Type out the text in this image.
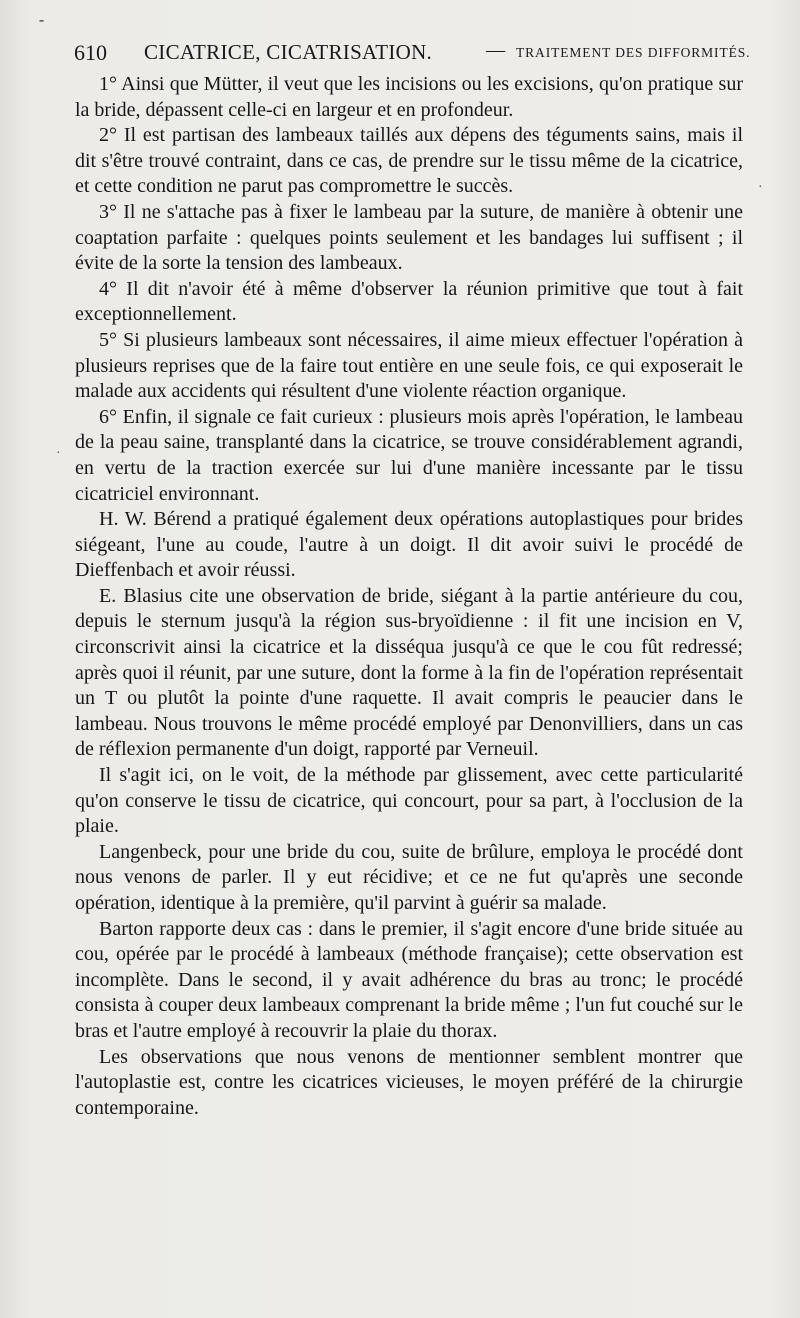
610 CICATRICE, CICATRISATION.	— TRAITEMENT DES DIFFORMITÉS.

1° Ainsi que Mütter, il veut que les incisions ou les excisions, qu'on pratique sur la bride, dépassent celle-ci en largeur et en profondeur.

2° Il est partisan des lambeaux taillés aux dépens des téguments sains, mais il dit s'être trouvé contraint, dans ce cas, de prendre sur le tissu même de la cicatrice, et cette condition ne parut pas compromettre le succès.

3° Il ne s'attache pas à fixer le lambeau par la suture, de manière à obtenir une coaptation parfaite : quelques points seulement et les bandages lui suffisent ; il évite de la sorte la tension des lambeaux.

4° Il dit n'avoir été à même d'observer la réunion primitive que tout à fait exceptionnellement.

5° Si plusieurs lambeaux sont nécessaires, il aime mieux effectuer l'opération à plusieurs reprises que de la faire tout entière en une seule fois, ce qui exposerait le malade aux accidents qui résultent d'une violente réaction organique.

6° Enfin, il signale ce fait curieux : plusieurs mois après l'opération, le lambeau de la peau saine, transplanté dans la cicatrice, se trouve considérablement agrandi, en vertu de la traction exercée sur lui d'une manière incessante par le tissu cicatriciel environnant.

H. W. Bérend a pratiqué également deux opérations autoplastiques pour brides siégeant, l'une au coude, l'autre à un doigt. Il dit avoir suivi le procédé de Dieffenbach et avoir réussi.

E. Blasius cite une observation de bride, siégant à la partie antérieure du cou, depuis le sternum jusqu'à la région sus-bryoïdienne : il fit une incision en V, circonscrivit ainsi la cicatrice et la disséqua jusqu'à ce que le cou fût redressé; après quoi il réunit, par une suture, dont la forme à la fin de l'opération représentait un T ou plutôt la pointe d'une raquette. Il avait compris le peaucier dans le lambeau. Nous trouvons le même procédé employé par Denonvilliers, dans un cas de réflexion permanente d'un doigt, rapporté par Verneuil.

Il s'agit ici, on le voit, de la méthode par glissement, avec cette particularité qu'on conserve le tissu de cicatrice, qui concourt, pour sa part, à l'occlusion de la plaie.

Langenbeck, pour une bride du cou, suite de brûlure, employa le procédé dont nous venons de parler. Il y eut récidive; et ce ne fut qu'après une seconde opération, identique à la première, qu'il parvint à guérir sa malade.

Barton rapporte deux cas : dans le premier, il s'agit encore d'une bride située au cou, opérée par le procédé à lambeaux (méthode française); cette observation est incomplète. Dans le second, il y avait adhérence du bras au tronc; le procédé consista à couper deux lambeaux comprenant la bride même ; l'un fut couché sur le bras et l'autre employé à recouvrir la plaie du thorax.

Les observations que nous venons de mentionner semblent montrer que l'autoplastie est, contre les cicatrices vicieuses, le moyen préféré de la chirurgie contemporaine.

⁃
·
·
